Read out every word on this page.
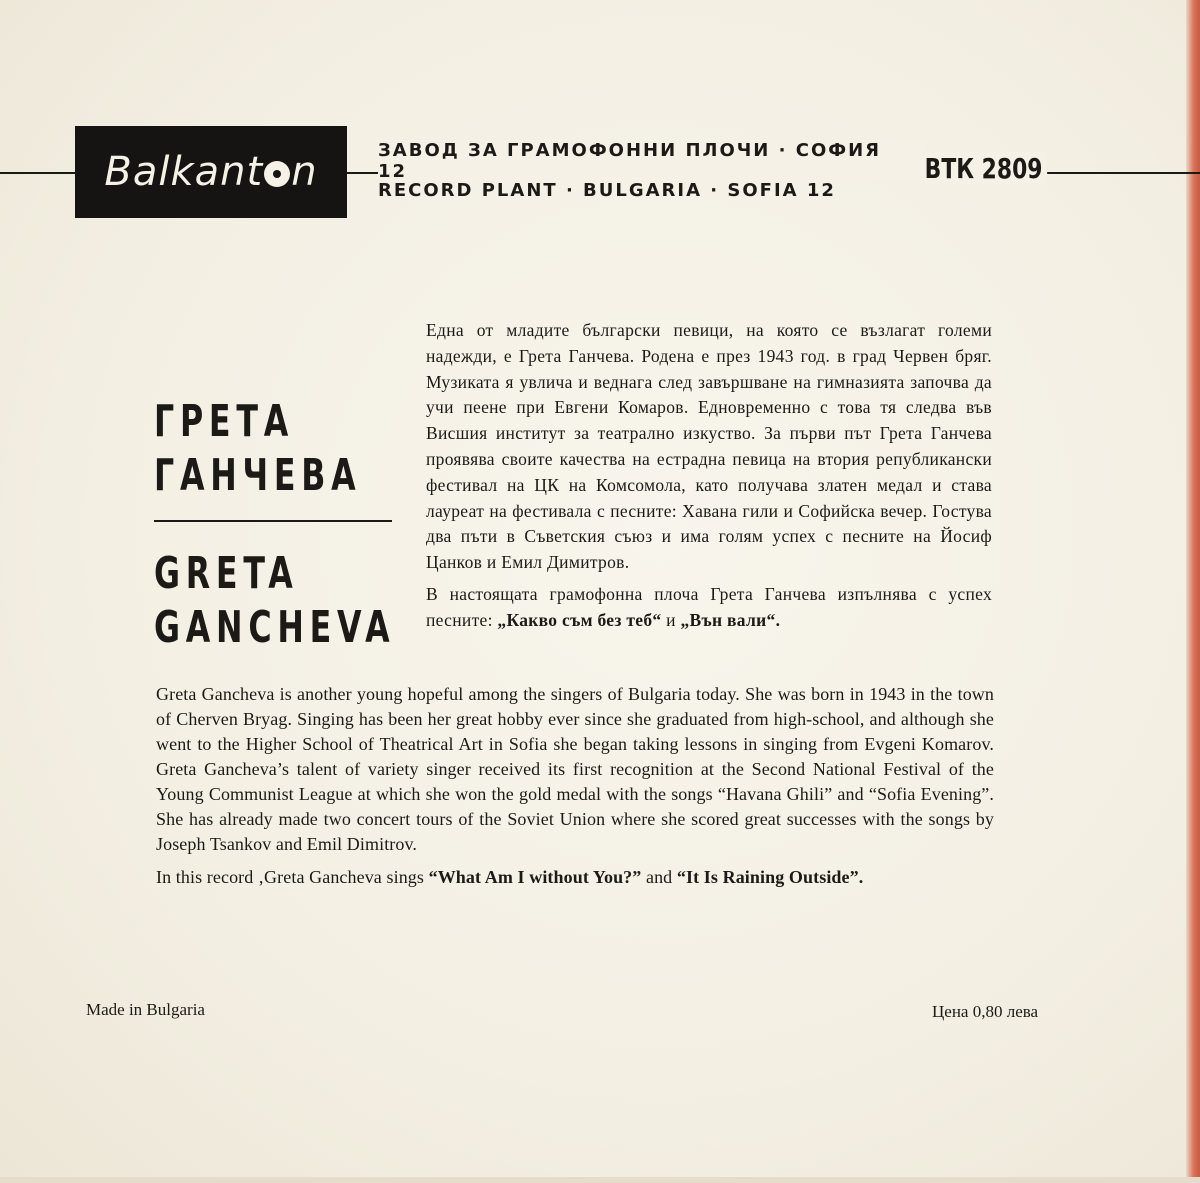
Balkant n	ЗАВОД ЗА ГРАМОФОННИ ПЛОЧИ · СОФИЯ 12
RECORD PLANT · BULGARIA · SOFIA 12
ВТК 2809
ГРЕТА
ГАНЧЕВА
GRETA
GANCHEVA

Една от младите български певици, на която се възлагат големи надежди, е Грета Ганчева. Родена е през 1943 год. в град Червен бряг. Музиката я увлича и веднага след завършване на гимназията започва да учи пеене при Евгени Комаров. Едновременно с това тя следва във Висшия институт за театрално изкуство. За първи път Грета Ганчева проявява своите качества на естрадна певица на втория републикански фестивал на ЦК на Комсомола, като получава златен медал и става лауреат на фестивала с песните: Хавана гили и Софийска вечер. Гостува два пъти в Съветския съюз и има голям успех с песните на Йосиф Цанков и Емил Димитров.

В настоящата грамофонна плоча Грета Ганчева изпълнява с успех песните: „Какво съм без теб“ и „Вън вали“.

Greta Gancheva is another young hopeful among the singers of Bulgaria today. She was born in 1943 in the town of Cherven Bryag. Singing has been her great hobby ever since she graduated from high-school, and although she went to the Higher School of Theatrical Art in Sofia she began taking lessons in singing from Evgeni Komarov. Greta Gancheva’s talent of variety singer received its first recognition at the Second National Festival of the Young Communist League at which she won the gold medal with the songs “Havana Ghili” and “Sofia Evening”. She has already made two concert tours of the Soviet Union where she scored great successes with the songs by Joseph Tsankov and Emil Dimitrov.

In this record ‚Greta Gancheva sings “What Am I without You?” and “It Is Raining Outside”.

Made in Bulgaria	Цена 0,80 лева
